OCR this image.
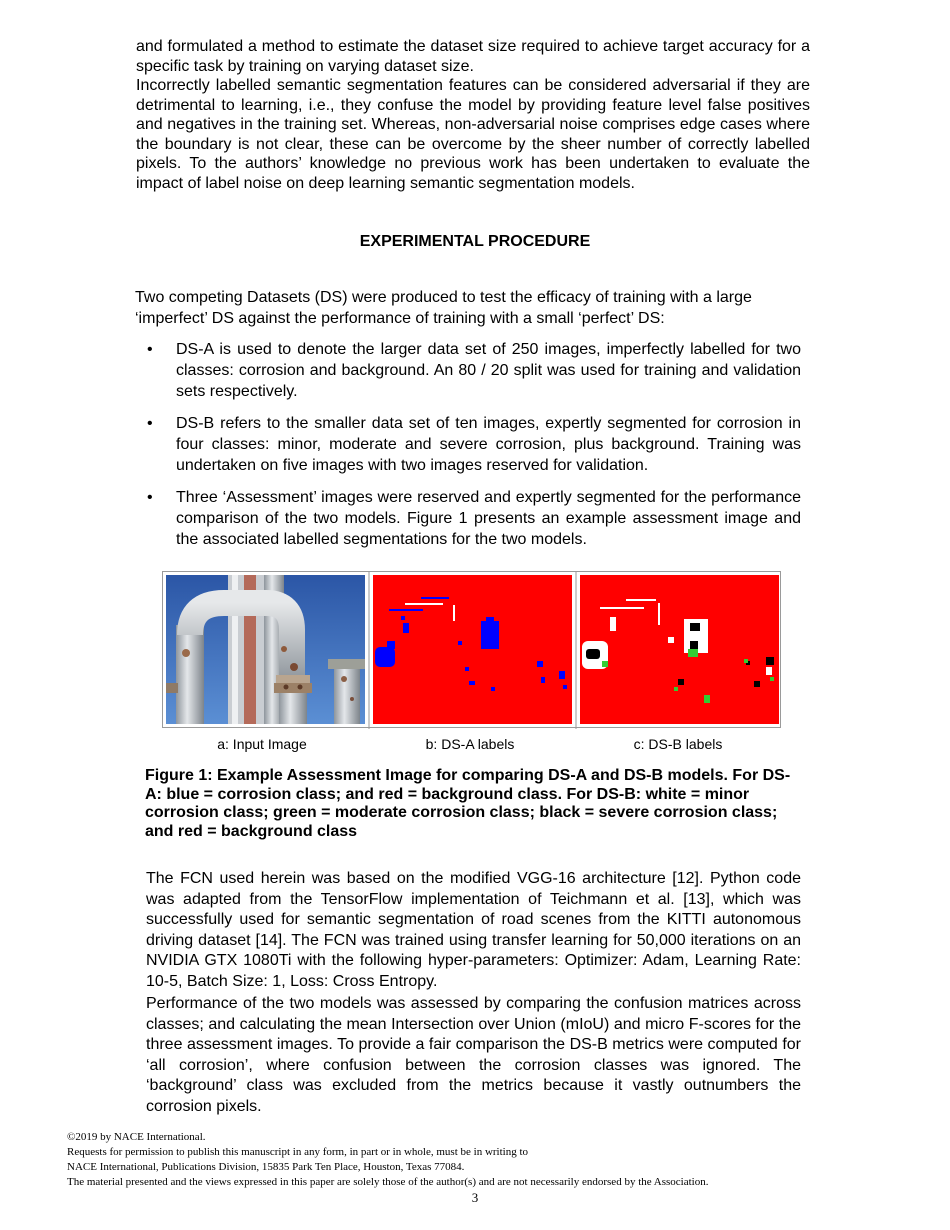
and formulated a method to estimate the dataset size required to achieve target accuracy for a specific task by training on varying dataset size.

Incorrectly labelled semantic segmentation features can be considered adversarial if they are detrimental to learning, i.e., they confuse the model by providing feature level false positives and negatives in the training set. Whereas, non-adversarial noise comprises edge cases where the boundary is not clear, these can be overcome by the sheer number of correctly labelled pixels. To the authors’ knowledge no previous work has been undertaken to evaluate the impact of label noise on deep learning semantic segmentation models.

EXPERIMENTAL PROCEDURE

Two competing Datasets (DS) were produced to test the efficacy of training with a large ‘imperfect’ DS against the performance of training with a small ‘perfect’ DS:

• DS-A is used to denote the larger data set of 250 images, imperfectly labelled for two classes: corrosion and background. An 80 / 20 split was used for training and validation sets respectively.
• DS-B refers to the smaller data set of ten images, expertly segmented for corrosion in four classes: minor, moderate and severe corrosion, plus background. Training was undertaken on five images with two images reserved for validation.
• Three ‘Assessment’ images were reserved and expertly segmented for the performance comparison of the two models. Figure 1 presents an example assessment image and the associated labelled segmentations for the two models.
a: Input Image	b: DS-A labels	c: DS-B labels

Figure 1: Example Assessment Image for comparing DS-A and DS-B models. For DS-A: blue = corrosion class; and red = background class. For DS-B: white = minor corrosion class; green = moderate corrosion class; black = severe corrosion class; and red = background class

The FCN used herein was based on the modified VGG-16 architecture [12]. Python code was adapted from the TensorFlow implementation of Teichmann et al. [13], which was successfully used for semantic segmentation of road scenes from the KITTI autonomous driving dataset [14]. The FCN was trained using transfer learning for 50,000 iterations on an NVIDIA GTX 1080Ti with the following hyper-parameters: Optimizer: Adam, Learning Rate: 10-5, Batch Size: 1, Loss: Cross Entropy.

Performance of the two models was assessed by comparing the confusion matrices across classes; and calculating the mean Intersection over Union (mIoU) and micro F-scores for the three assessment images. To provide a fair comparison the DS-B metrics were computed for ‘all corrosion’, where confusion between the corrosion classes was ignored. The ‘background’ class was excluded from the metrics because it vastly outnumbers the corrosion pixels.

©2019 by NACE International.
Requests for permission to publish this manuscript in any form, in part or in whole, must be in writing to
NACE International, Publications Division, 15835 Park Ten Place, Houston, Texas 77084.
The material presented and the views expressed in this paper are solely those of the author(s) and are not necessarily endorsed by the Association.
3
